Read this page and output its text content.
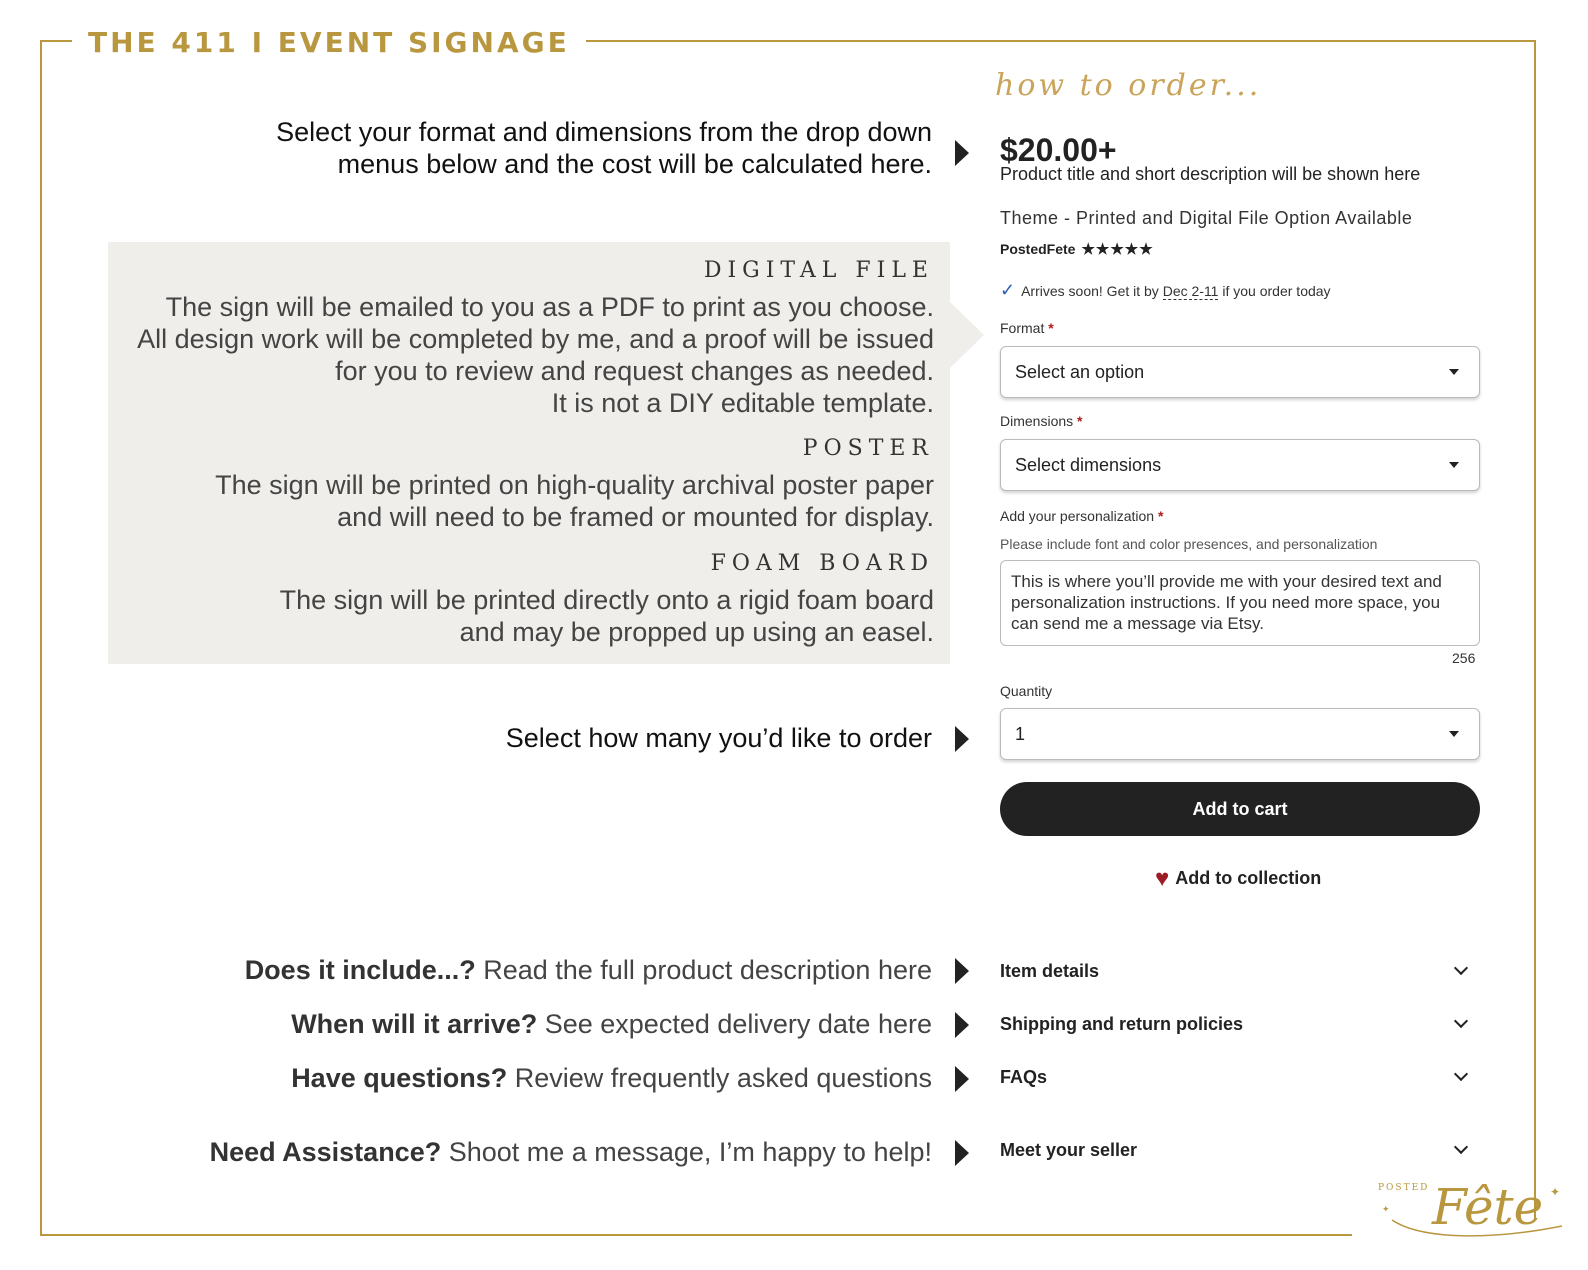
THE 411 I EVENT SIGNAGE
how to order...
Select your format and dimensions from the drop down
menus below and the cost will be calculated here.
DIGITAL FILE
The sign will be emailed to you as a PDF to print as you choose.
All design work will be completed by me, and a proof will be issued
for you to review and request changes as needed.
It is not a DIY editable template.
POSTER
The sign will be printed on high-quality archival poster paper
and will need to be framed or mounted for display.
FOAM BOARD
The sign will be printed directly onto a rigid foam board
and may be propped up using an easel.
Select how many you’d like to order
Does it include...? Read the full product description here
When will it arrive? See expected delivery date here
Have questions? Review frequently asked questions
Need Assistance? Shoot me a message, I’m happy to help!
$20.00+
Product title and short description will be shown here
Theme - Printed and Digital File Option Available
PostedFete ★★★★★
✓ Arrives soon! Get it by Dec 2-11 if you order today
Format *
Select an option
Dimensions *
Select dimensions
Add your personalization *
Please include font and color presences, and personalization
This is where you’ll provide me with your desired text and personalization instructions. If you need more space, you can send me a message via Etsy.
256
Quantity
1
Add to cart
♥ Add to collection
Item details
Shipping and return policies
FAQs
Meet your seller
POSTED Fête ✦
✦
